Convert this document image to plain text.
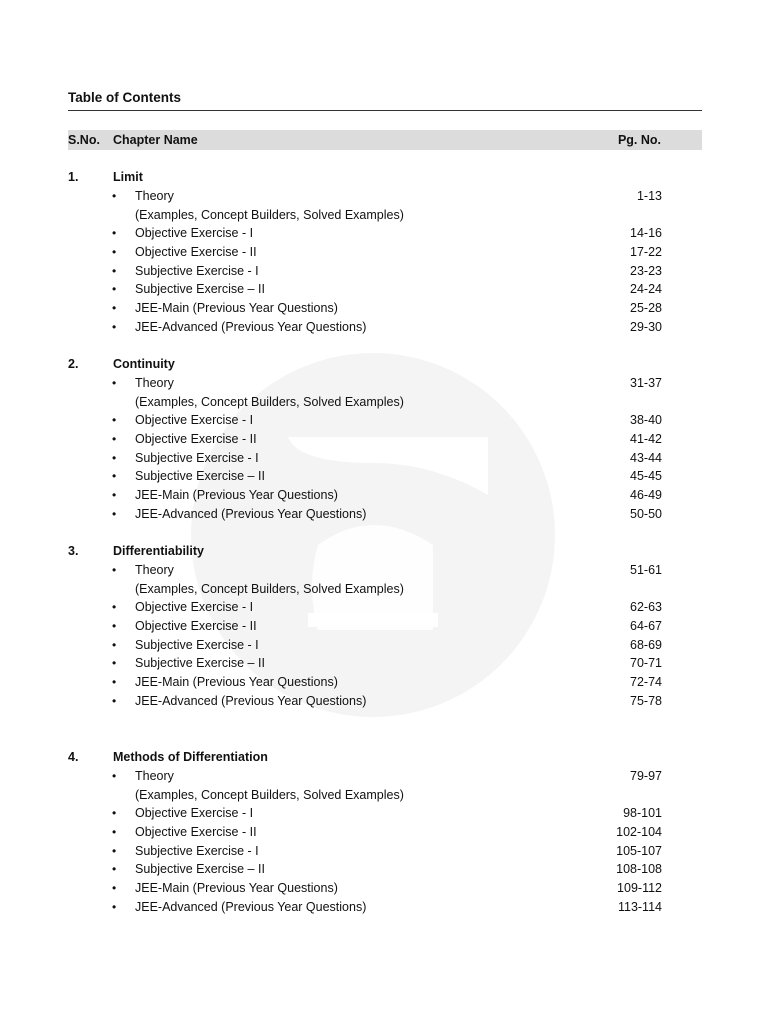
Table of Contents
S.No. Chapter Name	Pg. No.
1.	Limit
• Theory	1-13
(Examples, Concept Builders, Solved Examples)
• Objective Exercise - I	14-16
• Objective Exercise - II	17-22
• Subjective Exercise - I	23-23
• Subjective Exercise – II	24-24
• JEE-Main (Previous Year Questions)	25-28
• JEE-Advanced (Previous Year Questions)	29-30
2.	Continuity
• Theory	31-37
(Examples, Concept Builders, Solved Examples)
• Objective Exercise - I	38-40
• Objective Exercise - II	41-42
• Subjective Exercise - I	43-44
• Subjective Exercise – II	45-45
• JEE-Main (Previous Year Questions)	46-49
• JEE-Advanced (Previous Year Questions)	50-50
3.	Differentiability
• Theory	51-61
(Examples, Concept Builders, Solved Examples)
• Objective Exercise - I	62-63
• Objective Exercise - II	64-67
• Subjective Exercise - I	68-69
• Subjective Exercise – II	70-71
• JEE-Main (Previous Year Questions)	72-74
• JEE-Advanced (Previous Year Questions)	75-78
4.	Methods of Differentiation
• Theory	79-97
(Examples, Concept Builders, Solved Examples)
• Objective Exercise - I	98-101
• Objective Exercise - II	102-104
• Subjective Exercise - I	105-107
• Subjective Exercise – II	108-108
• JEE-Main (Previous Year Questions)	109-112
• JEE-Advanced (Previous Year Questions)	113-114
